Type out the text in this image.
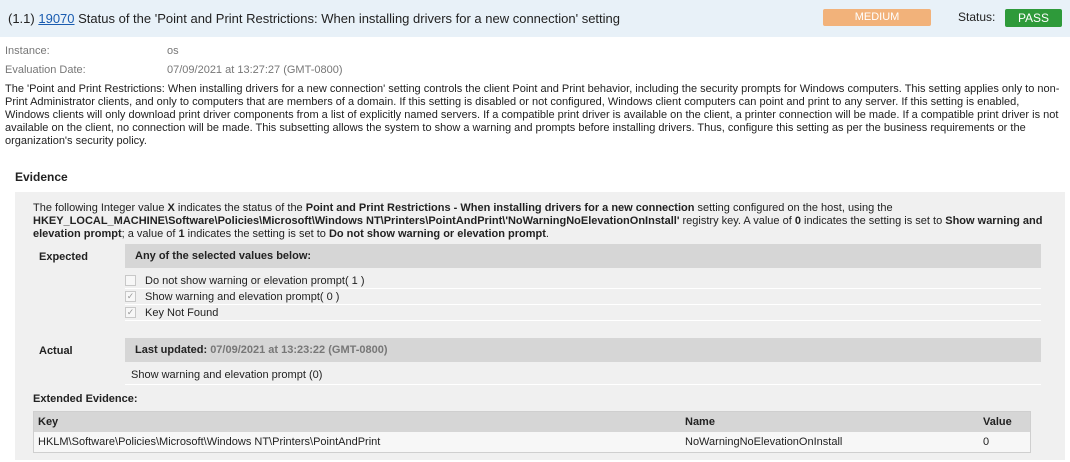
(1.1) 19070 Status of the 'Point and Print Restrictions: When installing drivers for a new connection' setting	MEDIUM	Status:	PASS
Instance:	os
Evaluation Date:	07/09/2021 at 13:27:27 (GMT-0800)
The 'Point and Print Restrictions: When installing drivers for a new connection' setting controls the client Point and Print behavior, including the security prompts for Windows computers. This setting applies only to non-Print Administrator clients, and only to computers that are members of a domain. If this setting is disabled or not configured, Windows client computers can point and print to any server. If this setting is enabled, Windows clients will only download print driver components from a list of explicitly named servers. If a compatible print driver is available on the client, a printer connection will be made. If a compatible print driver is not available on the client, no connection will be made. This subsetting allows the system to show a warning and prompts before installing drivers. Thus, configure this setting as per the business requirements or the organization's security policy.
Evidence
The following Integer value X indicates the status of the Point and Print Restrictions - When installing drivers for a new connection setting configured on the host, using the HKEY_LOCAL_MACHINE\Software\Policies\Microsoft\Windows NT\Printers\PointAndPrint\'NoWarningNoElevationOnInstall' registry key. A value of 0 indicates the setting is set to Show warning and elevation prompt; a value of 1 indicates the setting is set to Do not show warning or elevation prompt.
Expected	Any of the selected values below:
Do not show warning or elevation prompt( 1 )
✓ Show warning and elevation prompt( 0 )
✓ Key Not Found
Actual	Last updated: 07/09/2021 at 13:23:22 (GMT-0800)
Show warning and elevation prompt (0)
Extended Evidence:
Key	Name	Value
HKLM\Software\Policies\Microsoft\Windows NT\Printers\PointAndPrint	NoWarningNoElevationOnInstall	0
